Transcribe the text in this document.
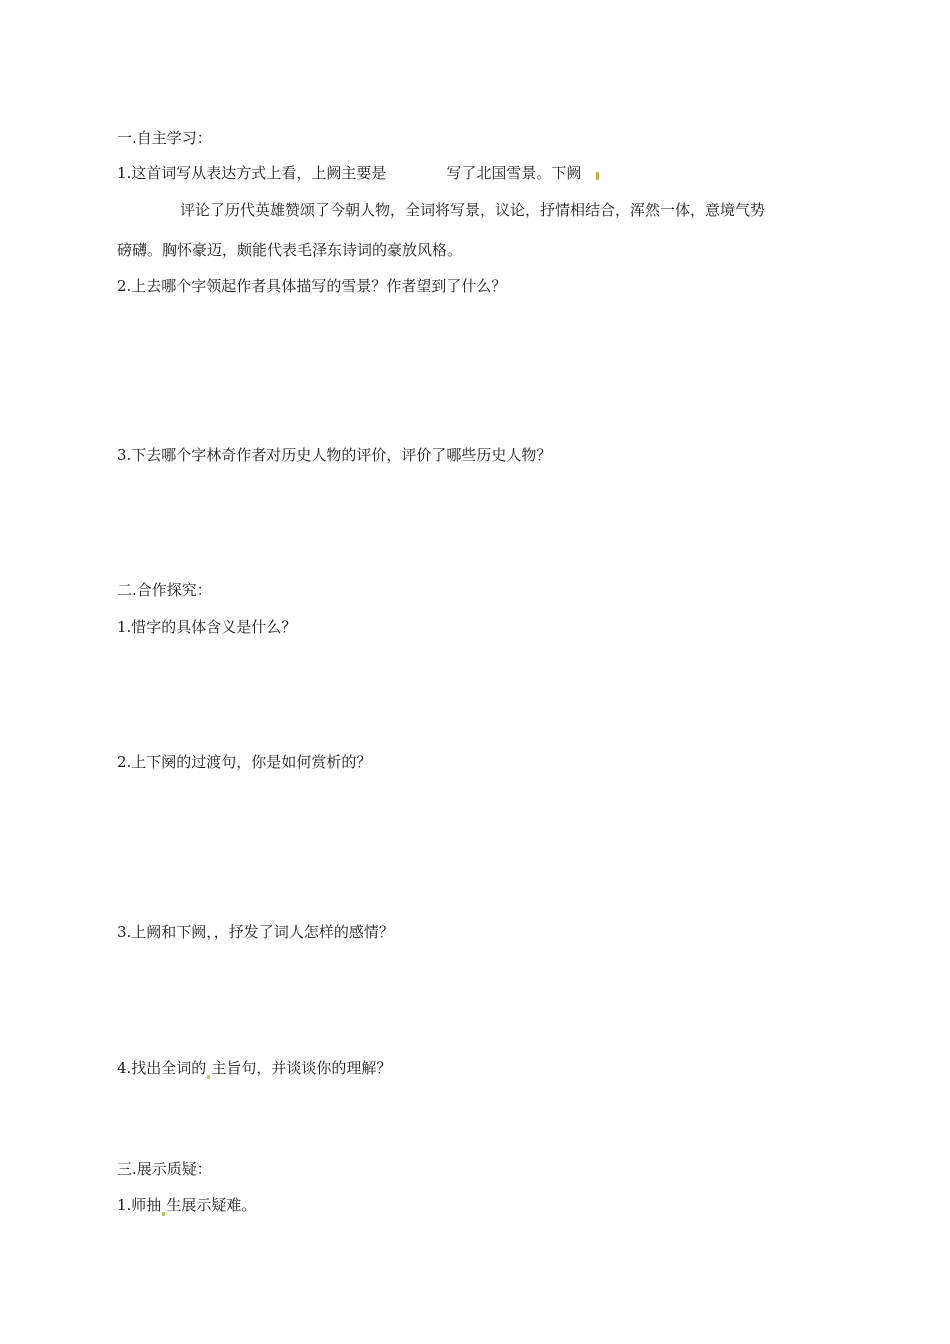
一.自主学习：
1.这首词写从表达方式上看，上阙主要是	写了北国雪景。下阙
评论了历代英雄赞颂了今朝人物，全词将写景，议论，抒情相结合，浑然一体，意境气势
磅礴。胸怀豪迈，颇能代表毛泽东诗词的豪放风格。
2.上去哪个字领起作者具体描写的雪景？作者望到了什么？
3.下去哪个字林奇作者对历史人物的评价，评价了哪些历史人物？
二.合作探究：
1.惜字的具体含义是什么？
2.上下阕的过渡句，你是如何赏析的？
3.上阙和下阙，，抒发了词人怎样的感情？
4.找出全词的 主旨句，并谈谈你的理解？
三.展示质疑：
1.师抽 生展示疑难。
